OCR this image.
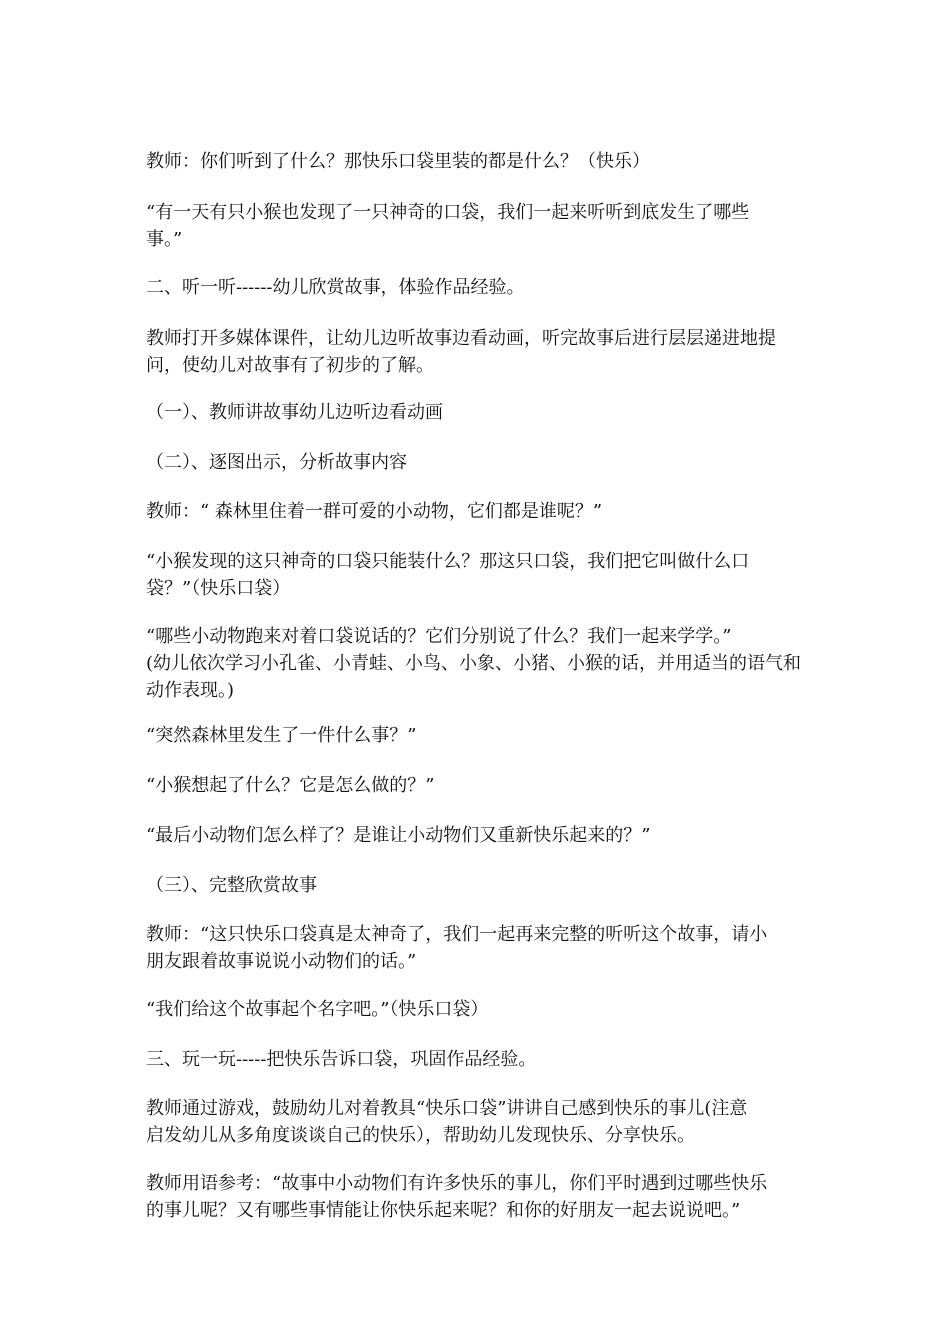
教师：你们听到了什么？那快乐口袋里装的都是什么？（快乐）
“有一天有只小猴也发现了一只神奇的口袋，我们一起来听听到底发生了哪些
事。”
二、听一听------幼儿欣赏故事，体验作品经验。
教师打开多媒体课件，让幼儿边听故事边看动画，听完故事后进行层层递进地提
问，使幼儿对故事有了初步的了解。
（一）、教师讲故事幼儿边听边看动画
（二）、逐图出示，分析故事内容
教师：“ 森林里住着一群可爱的小动物，它们都是谁呢？”
“小猴发现的这只神奇的口袋只能装什么？那这只口袋，我们把它叫做什么口
袋？”（快乐口袋）
“哪些小动物跑来对着口袋说话的？它们分别说了什么？我们一起来学学。”
(幼儿依次学习小孔雀、小青蛙、小鸟、小象、小猪、小猴的话，并用适当的语气和
动作表现。)
“突然森林里发生了一件什么事？”
“小猴想起了什么？它是怎么做的？”
“最后小动物们怎么样了？是谁让小动物们又重新快乐起来的？”
（三）、完整欣赏故事
教师：“这只快乐口袋真是太神奇了，我们一起再来完整的听听这个故事，请小
朋友跟着故事说说小动物们的话。”
“我们给这个故事起个名字吧。”（快乐口袋）
三、玩一玩-----把快乐告诉口袋，巩固作品经验。
教师通过游戏，鼓励幼儿对着教具“快乐口袋”讲讲自己感到快乐的事儿(注意
启发幼儿从多角度谈谈自己的快乐），帮助幼儿发现快乐、分享快乐。
教师用语参考：“故事中小动物们有许多快乐的事儿，你们平时遇到过哪些快乐
的事儿呢？又有哪些事情能让你快乐起来呢？和你的好朋友一起去说说吧。”
